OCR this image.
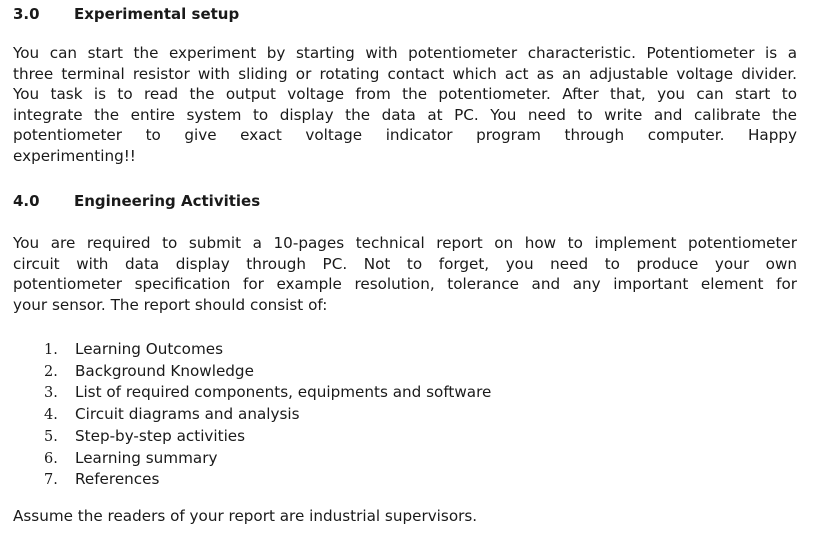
3.0 Experimental setup

You can start the experiment by starting with potentiometer characteristic. Potentiometer is a
three terminal resistor with sliding or rotating contact which act as an adjustable voltage divider.
You task is to read the output voltage from the potentiometer. After that, you can start to
integrate the entire system to display the data at PC. You need to write and calibrate the
potentiometer to give exact voltage indicator program through computer. Happy
experimenting!!

4.0 Engineering Activities

You are required to submit a 10-pages technical report on how to implement potentiometer
circuit with data display through PC. Not to forget, you need to produce your own
potentiometer specification for example resolution, tolerance and any important element for
your sensor. The report should consist of:

1. Learning Outcomes
2. Background Knowledge
3. List of required components, equipments and software
4. Circuit diagrams and analysis
5. Step-by-step activities
6. Learning summary
7. References
Assume the readers of your report are industrial supervisors.
